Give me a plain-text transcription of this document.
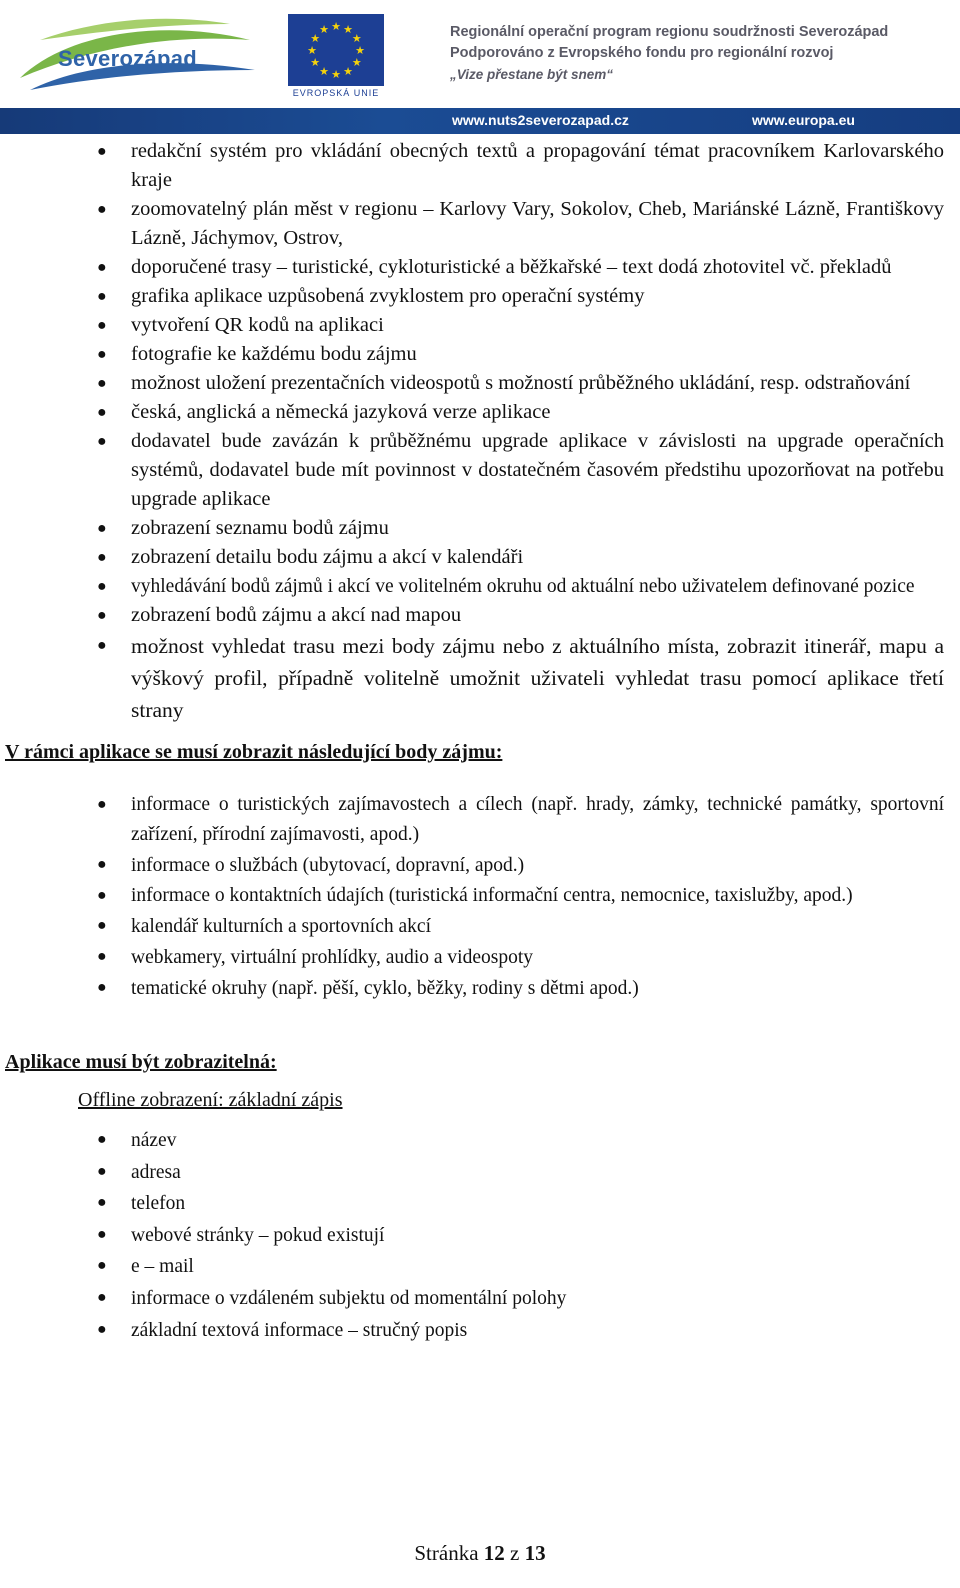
Severozápad
★ ★
★
★
★
★
★
★
★
★
★
★
EVROPSKÁ UNIE
Regionální operační program regionu soudržnosti Severozápad
Podporováno z Evropského fondu pro regionální rozvoj
„Vize přestane být snem“
www.nuts2severozapad.cz	www.europa.eu
● redakční systém pro vkládání obecných textů a propagování témat pracovníkem Karlovarského kraje
● zoomovatelný plán měst v regionu – Karlovy Vary, Sokolov, Cheb, Mariánské Lázně, Františkovy Lázně, Jáchymov, Ostrov,
● doporučené trasy – turistické, cykloturistické a běžkařské – text dodá zhotovitel vč. překladů
● grafika aplikace uzpůsobená zvyklostem pro operační systémy
● vytvoření QR kodů na aplikaci
● fotografie ke každému bodu zájmu
● možnost uložení prezentačních videospotů s možností průběžného ukládání, resp. odstraňování
● česká, anglická a německá jazyková verze aplikace
● dodavatel bude zavázán k průběžnému upgrade aplikace v závislosti na upgrade operačních systémů, dodavatel bude mít povinnost v dostatečném časovém předstihu upozorňovat na potřebu upgrade aplikace
● zobrazení seznamu bodů zájmu
● zobrazení detailu bodu zájmu a akcí v kalendáři
● vyhledávání bodů zájmů i akcí ve volitelném okruhu od aktuální nebo uživatelem definované pozice
● zobrazení bodů zájmu a akcí nad mapou
● možnost vyhledat trasu mezi body zájmu nebo z aktuálního místa, zobrazit itinerář, mapu a výškový profil, případně volitelně umožnit uživateli vyhledat trasu pomocí aplikace třetí strany
V rámci aplikace se musí zobrazit následující body zájmu:
● informace o turistických zajímavostech a cílech (např. hrady, zámky, technické památky, sportovní zařízení, přírodní zajímavosti, apod.)
● informace o službách (ubytovací, dopravní, apod.)
● informace o kontaktních údajích (turistická informační centra, nemocnice, taxislužby, apod.)
● kalendář kulturních a sportovních akcí
● webkamery, virtuální prohlídky, audio a videospoty
● tematické okruhy (např. pěší, cyklo, běžky, rodiny s dětmi apod.)
Aplikace musí být zobrazitelná:
Offline zobrazení: základní zápis
● název
● adresa
● telefon
● webové stránky – pokud existují
● e – mail
● informace o vzdáleném subjektu od momentální polohy
● základní textová informace – stručný popis
Stránka 12 z 13
